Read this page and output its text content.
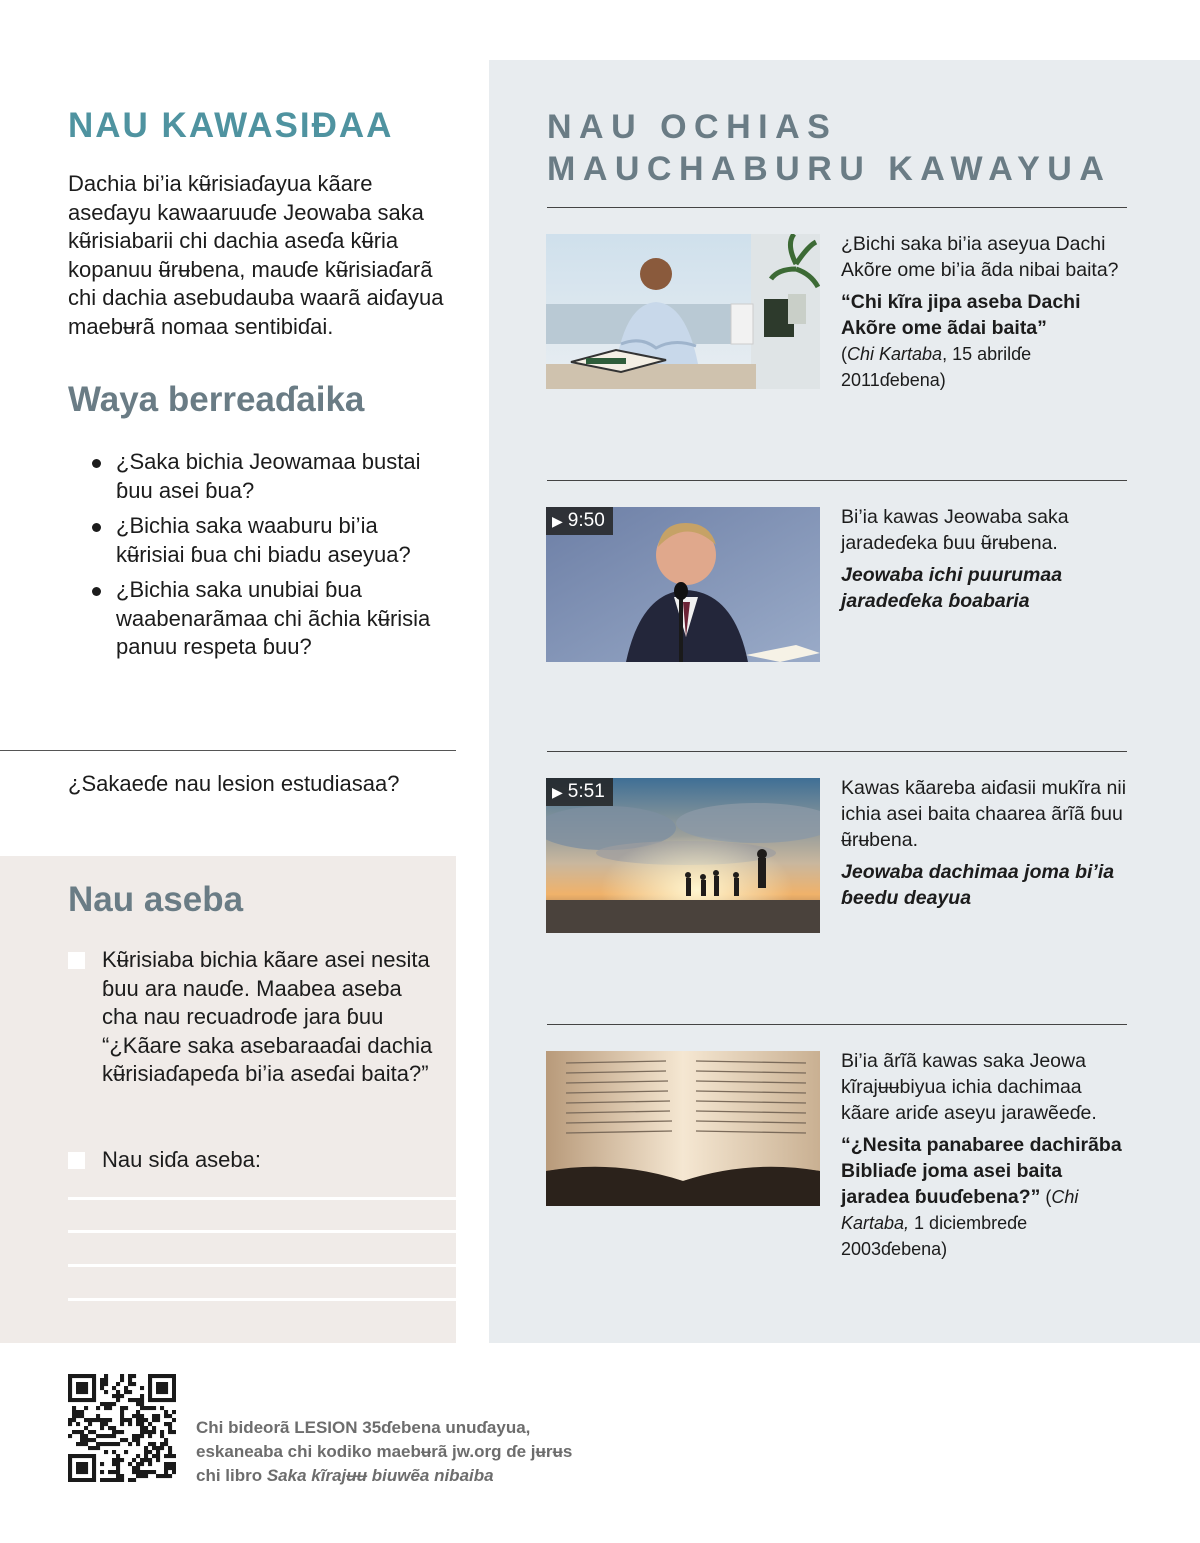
NAU KAWASIƉAA

Dachia bi’ia kʉ̃risiaɗayua kãare aseɗayu kawaaruuɗe Jeowaba saka kʉ̃risiabarii chi dachia aseɗa kʉ̃ria kopanuu ʉ̃rʉbena, mauɗe kʉ̃risiaɗarã chi dachia asebudauba waarã aiɗayua maebʉrã nomaa sentibiɗai.

Waya berreaɗaika
¿Saka bichia Jeowamaa bustai ɓuu asei ɓua?
¿Bichia saka waaburu bi’ia kʉ̃risiai ɓua chi biadu aseyua?
¿Bichia saka unubiai ɓua waabenarãmaa chi ãchia kʉ̃risia panuu respeta ɓuu?

¿Sakaeɗe nau lesion estudiasaa?

Nau aseba

Kʉ̃risiaba bichia kãare asei nesita ɓuu ara nauɗe. Maabea aseba cha nau recuadroɗe jara ɓuu “¿Kãare saka asebaraaɗai dachia kʉ̃risiaɗapeɗa bi’ia aseɗai baita?”

Nau siɗa aseba:

NAU OCHIAS
MAUCHABURU KAWAYUA

¿Bichi saka bi’ia aseyua Dachi Akõre ome bi’ia ãda nibai baita?

“Chi kĩra jipa aseba Dachi Akõre ome ãdai baita”

(Chi Kartaba, 15 abrilɗe 2011ɗebena)

▶ 9:50	Bi’ia kawas Jeowaba saka jaradeɗeka ɓuu ʉ̃rʉbena.

Jeowaba ichi puurumaa jaradeɗeka ɓoabaria

▶ 5:51	Kawas kãareba aiɗasii mukĩra nii ichia asei baita chaarea ãrĩã ɓuu ʉ̃rʉbena.

Jeowaba dachimaa joma bi’ia ɓeedu deayua

Bi’ia ãrĩã kawas saka Jeowa kĩrajʉʉbiyua ichia dachimaa kãare ariɗe aseyu jarawẽeɗe.

“¿Nesita panabaree dachirãba Bibliaɗe joma asei baita jaradea ɓuuɗebena?” (Chi Kartaba, 1 diciembreɗe 2003ɗebena)

Chi bideorã LESION 35ɗebena unuɗayua, eskaneaba chi kodiko maebʉrã jw.org ɗe jʉrʉs chi libro Saka kĩrajʉʉ biuwẽa nibaiba
